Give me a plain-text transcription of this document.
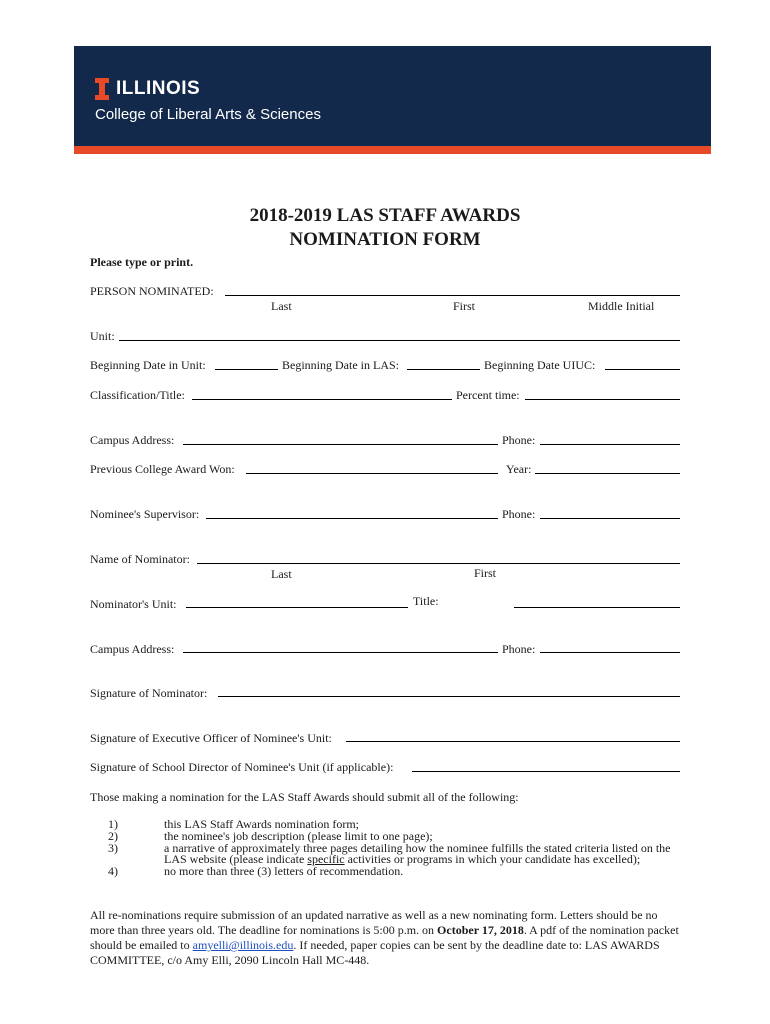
ILLINOIS
College of Liberal Arts & Sciences
2018-2019 LAS STAFF AWARDS
NOMINATION FORM
Please type or print.
PERSON NOMINATED:
Last	First	Middle Initial
Unit:
Beginning Date in Unit:	Beginning Date in LAS:	Beginning Date UIUC:
Classification/Title:	Percent time:
Campus Address:	Phone:
Previous College Award Won:	Year:
Nominee's Supervisor:	Phone:
Name of Nominator:
Last	First
Nominator's Unit:	Title:
Campus Address:	Phone:
Signature of Nominator:
Signature of Executive Officer of Nominee's Unit:
Signature of School Director of Nominee's Unit (if applicable):
Those making a nomination for the LAS Staff Awards should submit all of the following:
1)	this LAS Staff Awards nomination form;
2)	the nominee's job description (please limit to one page);
3)	a narrative of approximately three pages detailing how the nominee fulfills the stated criteria listed on the LAS website (please indicate specific activities or programs in which your candidate has excelled);
4)	no more than three (3) letters of recommendation.
All re-nominations require submission of an updated narrative as well as a new nominating form. Letters should be no more than three years old. The deadline for nominations is 5:00 p.m. on October 17, 2018. A pdf of the nomination packet should be emailed to amyelli@illinois.edu. If needed, paper copies can be sent by the deadline date to: LAS AWARDS COMMITTEE, c/o Amy Elli, 2090 Lincoln Hall MC-448.
